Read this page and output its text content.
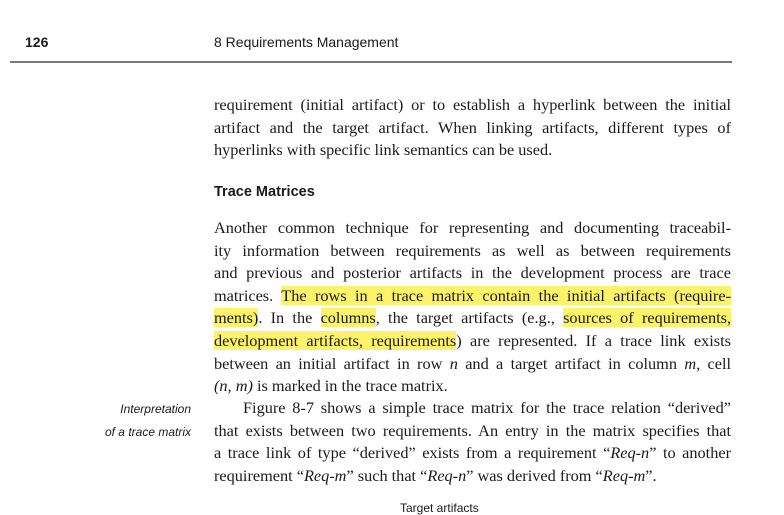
126	8 Requirements Management
requirement (initial artifact) or to establish a hyperlink between the initial
artifact and the target artifact. When linking artifacts, different types of
hyperlinks with specific link semantics can be used.
Trace Matrices
Another common technique for representing and documenting traceabil-
ity information between requirements as well as between requirements
and previous and posterior artifacts in the development process are trace
matrices. The rows in a trace matrix contain the initial artifacts (require-
ments). In the columns, the target artifacts (e.g., sources of requirements,
development artifacts, requirements) are represented. If a trace link exists
between an initial artifact in row n and a target artifact in column m, cell
(n, m) is marked in the trace matrix.
Interpretation
of a trace matrix
Figure 8-7 shows a simple trace matrix for the trace relation “derived”
that exists between two requirements. An entry in the matrix specifies that
a trace link of type “derived” exists from a requirement “Req-n” to another
requirement “Req-m” such that “Req-n” was derived from “Req-m”.
Target artifacts
